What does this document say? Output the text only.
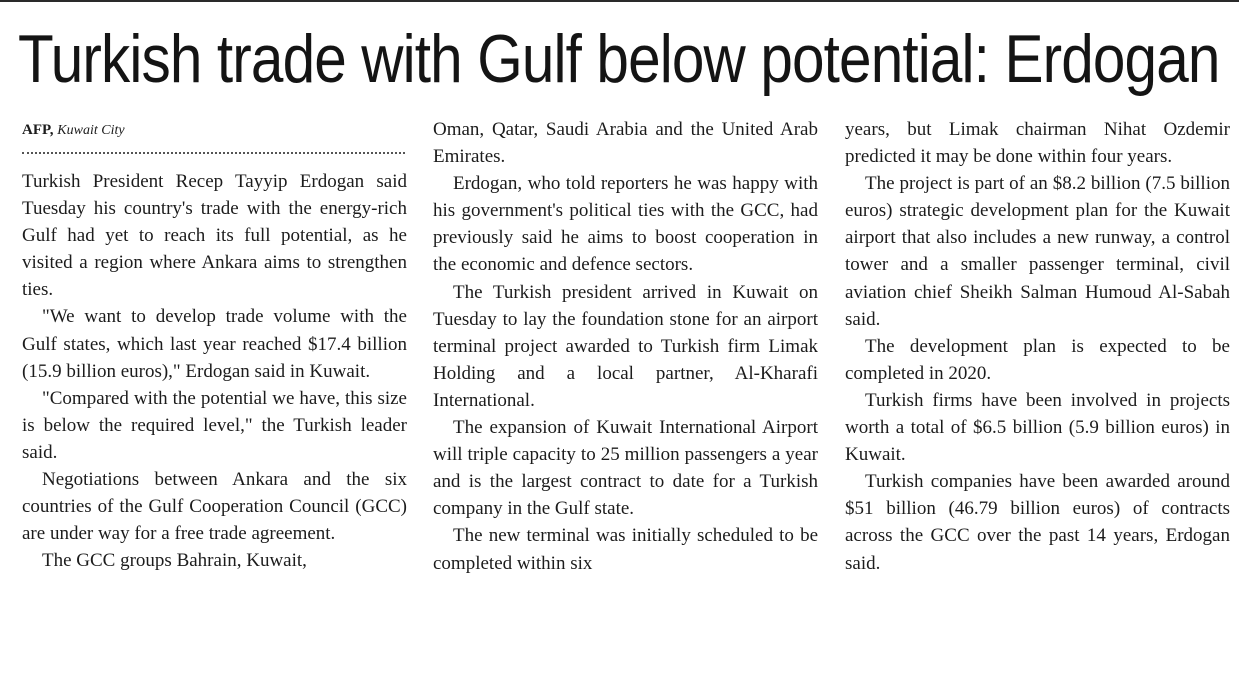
Turkish trade with Gulf below potential: Erdogan
AFP, Kuwait City

Turkish President Recep Tayyip Erdogan said Tuesday his country's trade with the energy-rich Gulf had yet to reach its full potential, as he visited a region where Ankara aims to strengthen ties.

"We want to develop trade volume with the Gulf states, which last year reached $17.4 billion (15.9 billion euros)," Erdogan said in Kuwait.

"Compared with the potential we have, this size is below the required level," the Turkish leader said.

Negotiations between Ankara and the six countries of the Gulf Cooperation Council (GCC) are under way for a free trade agreement.

The GCC groups Bahrain, Kuwait,

Oman, Qatar, Saudi Arabia and the United Arab Emirates.

Erdogan, who told reporters he was happy with his government's political ties with the GCC, had previously said he aims to boost cooperation in the economic and defence sectors.

The Turkish president arrived in Kuwait on Tuesday to lay the foundation stone for an airport terminal project awarded to Turkish firm Limak Holding and a local partner, Al-Kharafi International.

The expansion of Kuwait International Airport will triple capacity to 25 million passengers a year and is the largest contract to date for a Turkish company in the Gulf state.

The new terminal was initially scheduled to be completed within six

years, but Limak chairman Nihat Ozdemir predicted it may be done within four years.

The project is part of an $8.2 billion (7.5 billion euros) strategic development plan for the Kuwait airport that also includes a new runway, a control tower and a smaller passenger terminal, civil aviation chief Sheikh Salman Humoud Al-Sabah said.

The development plan is expected to be completed in 2020.

Turkish firms have been involved in projects worth a total of $6.5 billion (5.9 billion euros) in Kuwait.

Turkish companies have been awarded around $51 billion (46.79 billion euros) of contracts across the GCC over the past 14 years, Erdogan said.
